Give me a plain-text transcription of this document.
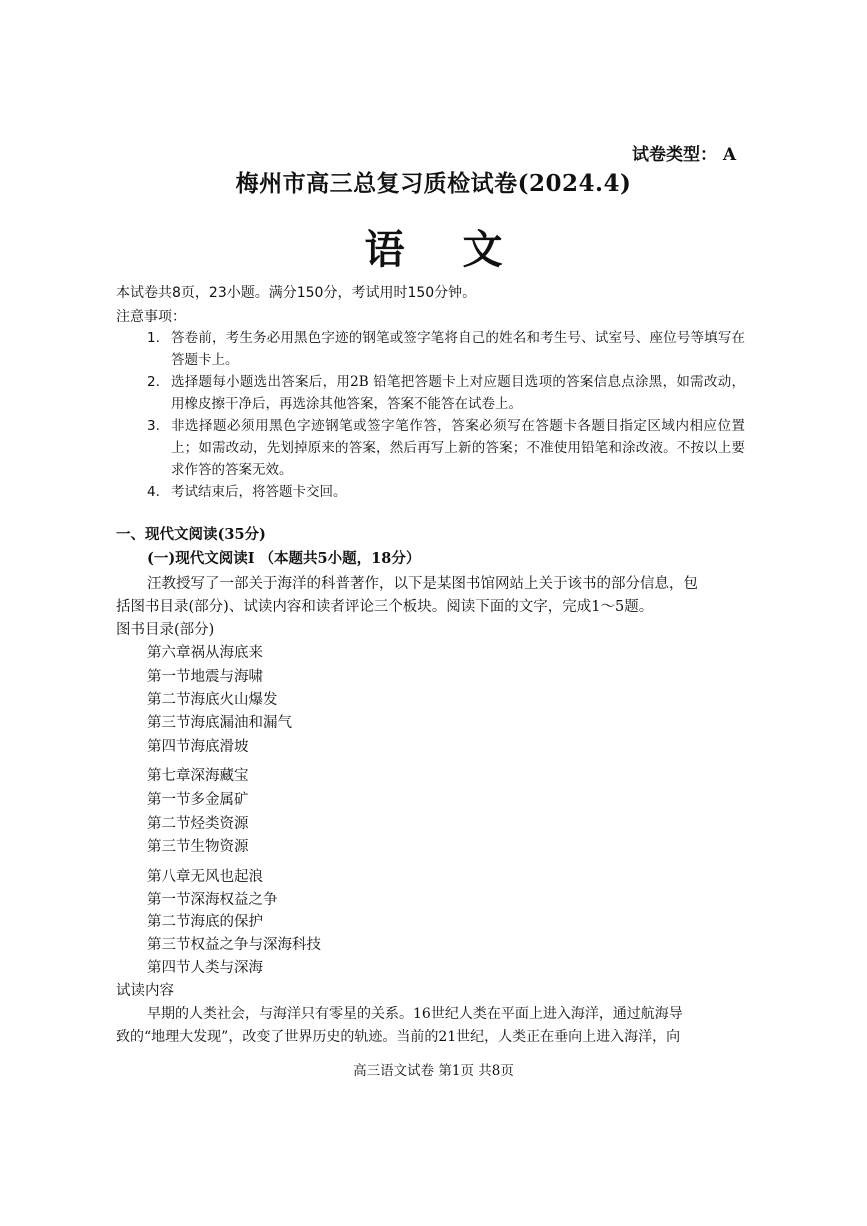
试卷类型： A
梅州市高三总复习质检试卷(2024.4)
语文
本试卷共8页，23小题。满分150分，考试用时150分钟。
注意事项：
1. 答卷前，考生务必用黑色字迹的钢笔或签字笔将自己的姓名和考生号、试室号、座位号等填写在答题卡上。
2. 选择题每小题选出答案后，用2B 铅笔把答题卡上对应题目选项的答案信息点涂黑，如需改动，用橡皮擦干净后，再选涂其他答案，答案不能答在试卷上。
3. 非选择题必须用黑色字迹钢笔或签字笔作答，答案必须写在答题卡各题目指定区域内相应位置上；如需改动，先划掉原来的答案，然后再写上新的答案；不准使用铅笔和涂改液。不按以上要求作答的答案无效。
4. 考试结束后，将答题卡交回。
一、现代文阅读(35分)
(一)现代文阅读I （本题共5小题，18分）
汪教授写了一部关于海洋的科普著作，以下是某图书馆网站上关于该书的部分信息，包
括图书目录(部分)、试读内容和读者评论三个板块。阅读下面的文字，完成1～5题。
图书目录(部分)
第六章祸从海底来
第一节地震与海啸
第二节海底火山爆发
第三节海底漏油和漏气
第四节海底滑坡
第七章深海藏宝
第一节多金属矿
第二节烃类资源
第三节生物资源
第八章无风也起浪
第一节深海权益之争
第二节海底的保护
第三节权益之争与深海科技
第四节人类与深海
试读内容
早期的人类社会，与海洋只有零星的关系。16世纪人类在平面上进入海洋，通过航海导
致的“地理大发现”，改变了世界历史的轨迹。当前的21世纪，人类正在垂向上进入海洋，向
高三语文试卷 第1页 共8页
